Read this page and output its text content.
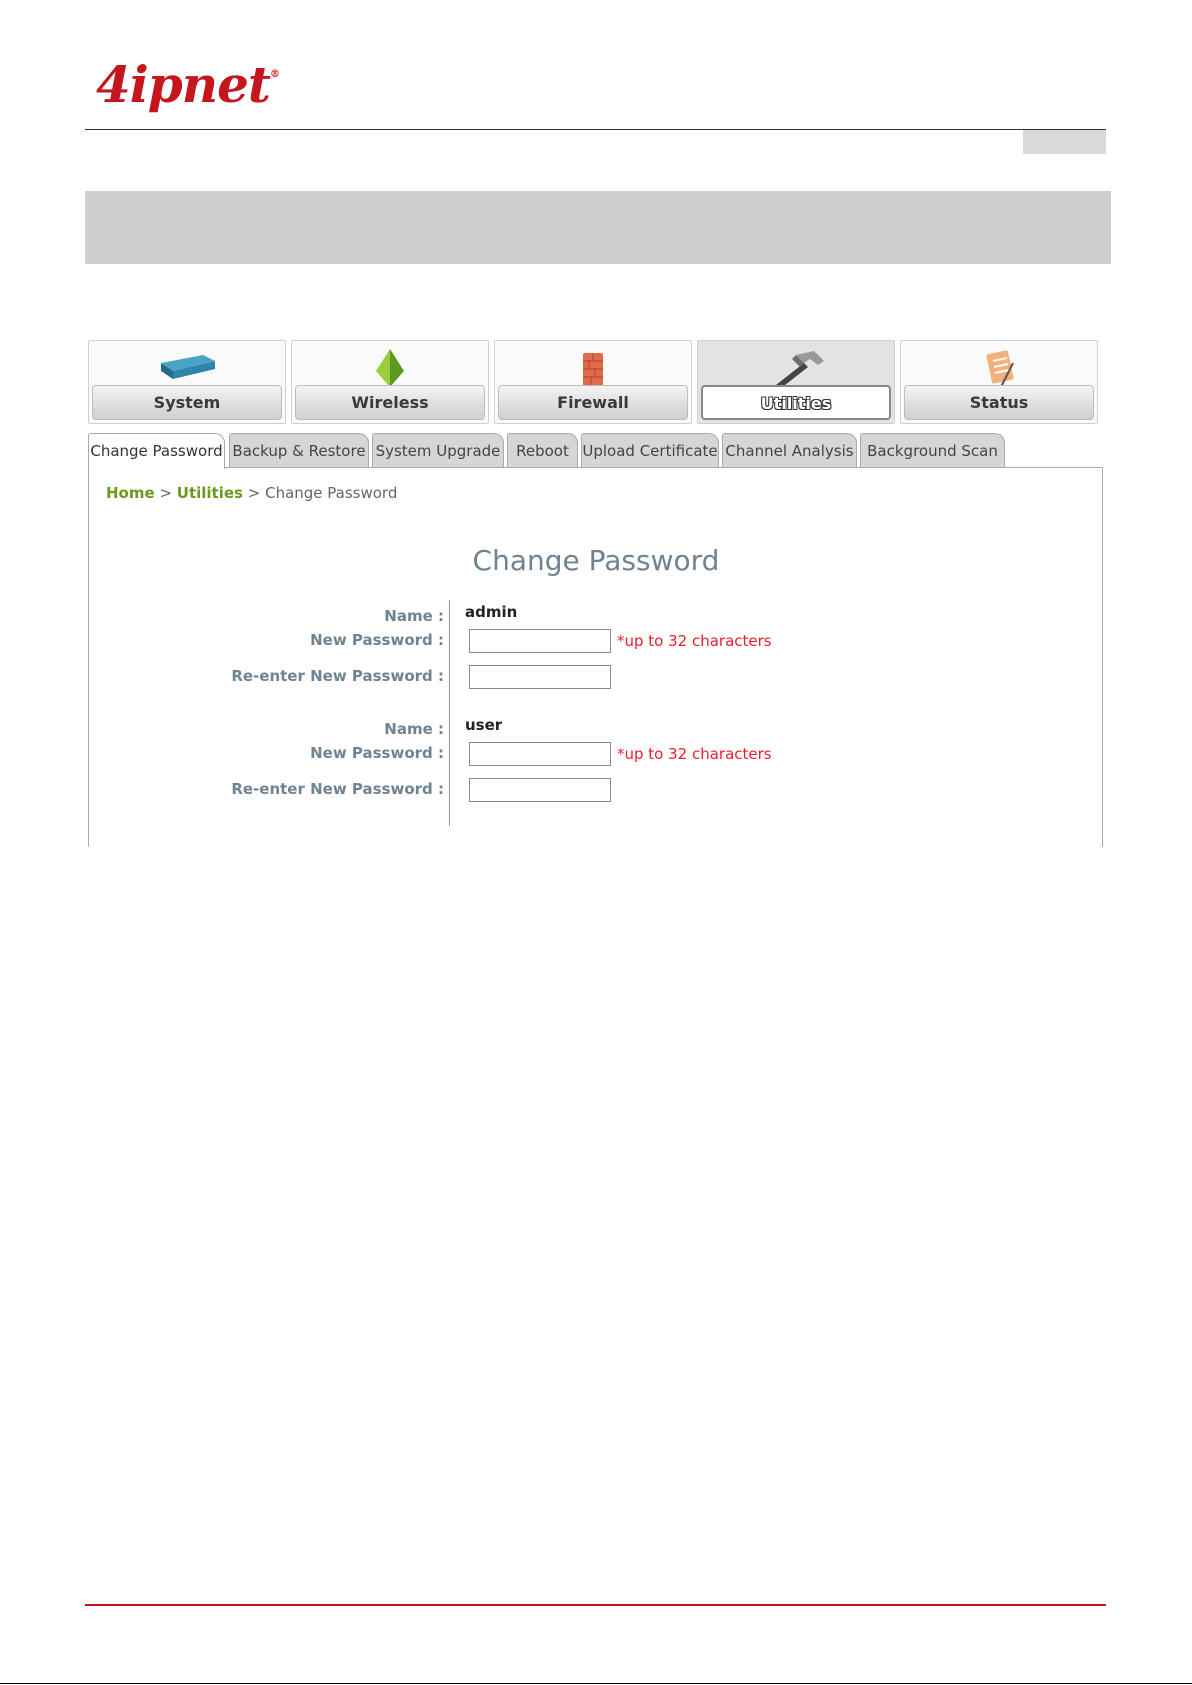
4ipnet®
System	Wireless	Firewall	Utilities	Status
Change Password Backup & Restore System Upgrade	Reboot Upload Certificate Channel Analysis Background Scan
Home > Utilities > Change Password
Change Password
Name : admin
New Password :	*up to 32 characters
Re-enter New Password :
Name : user
New Password :	*up to 32 characters
Re-enter New Password :
